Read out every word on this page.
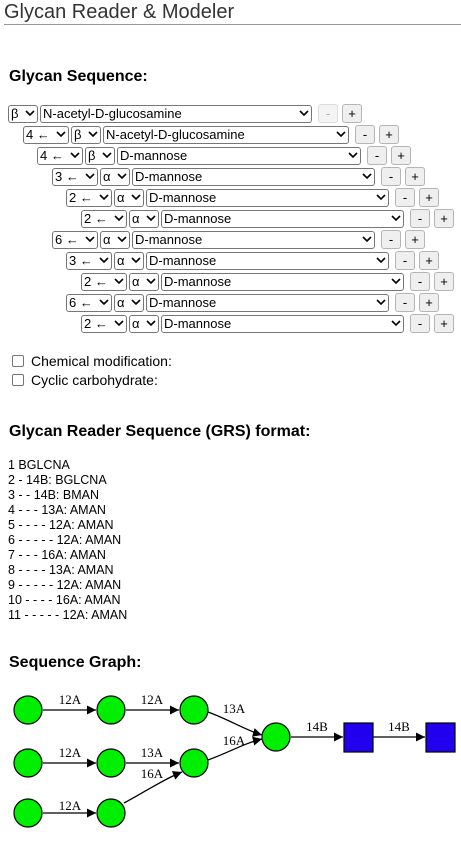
Glycan Reader & Modeler
Glycan Sequence:
β N-acetyl-D-glucosamine	-	+
4 ← β N-acetyl-D-glucosamine	-	+
4 ← β D-mannose	-	+
3 ← α D-mannose	-	+
2 ← α D-mannose	-	+
2 ← α D-mannose	-	+
6 ← α D-mannose	-	+
3 ← α D-mannose	-	+
2 ← α D-mannose	-	+
6 ← α D-mannose	-	+
2 ← α D-mannose	-	+
Chemical modification:
Cyclic carbohydrate:
Glycan Reader Sequence (GRS) format:
1 BGLCNA
2 - 14B: BGLCNA
3 - - 14B: BMAN
4 - - - 13A: AMAN
5 - - - - 12A: AMAN
6 - - - - - 12A: AMAN
7 - - - 16A: AMAN
8 - - - - 13A: AMAN
9 - - - - - 12A: AMAN
10 - - - - 16A: AMAN
11 - - - - - 12A: AMAN
Sequence Graph:
12A	12A
13A
16A
12A	13A
16A
12A
14B	14B
